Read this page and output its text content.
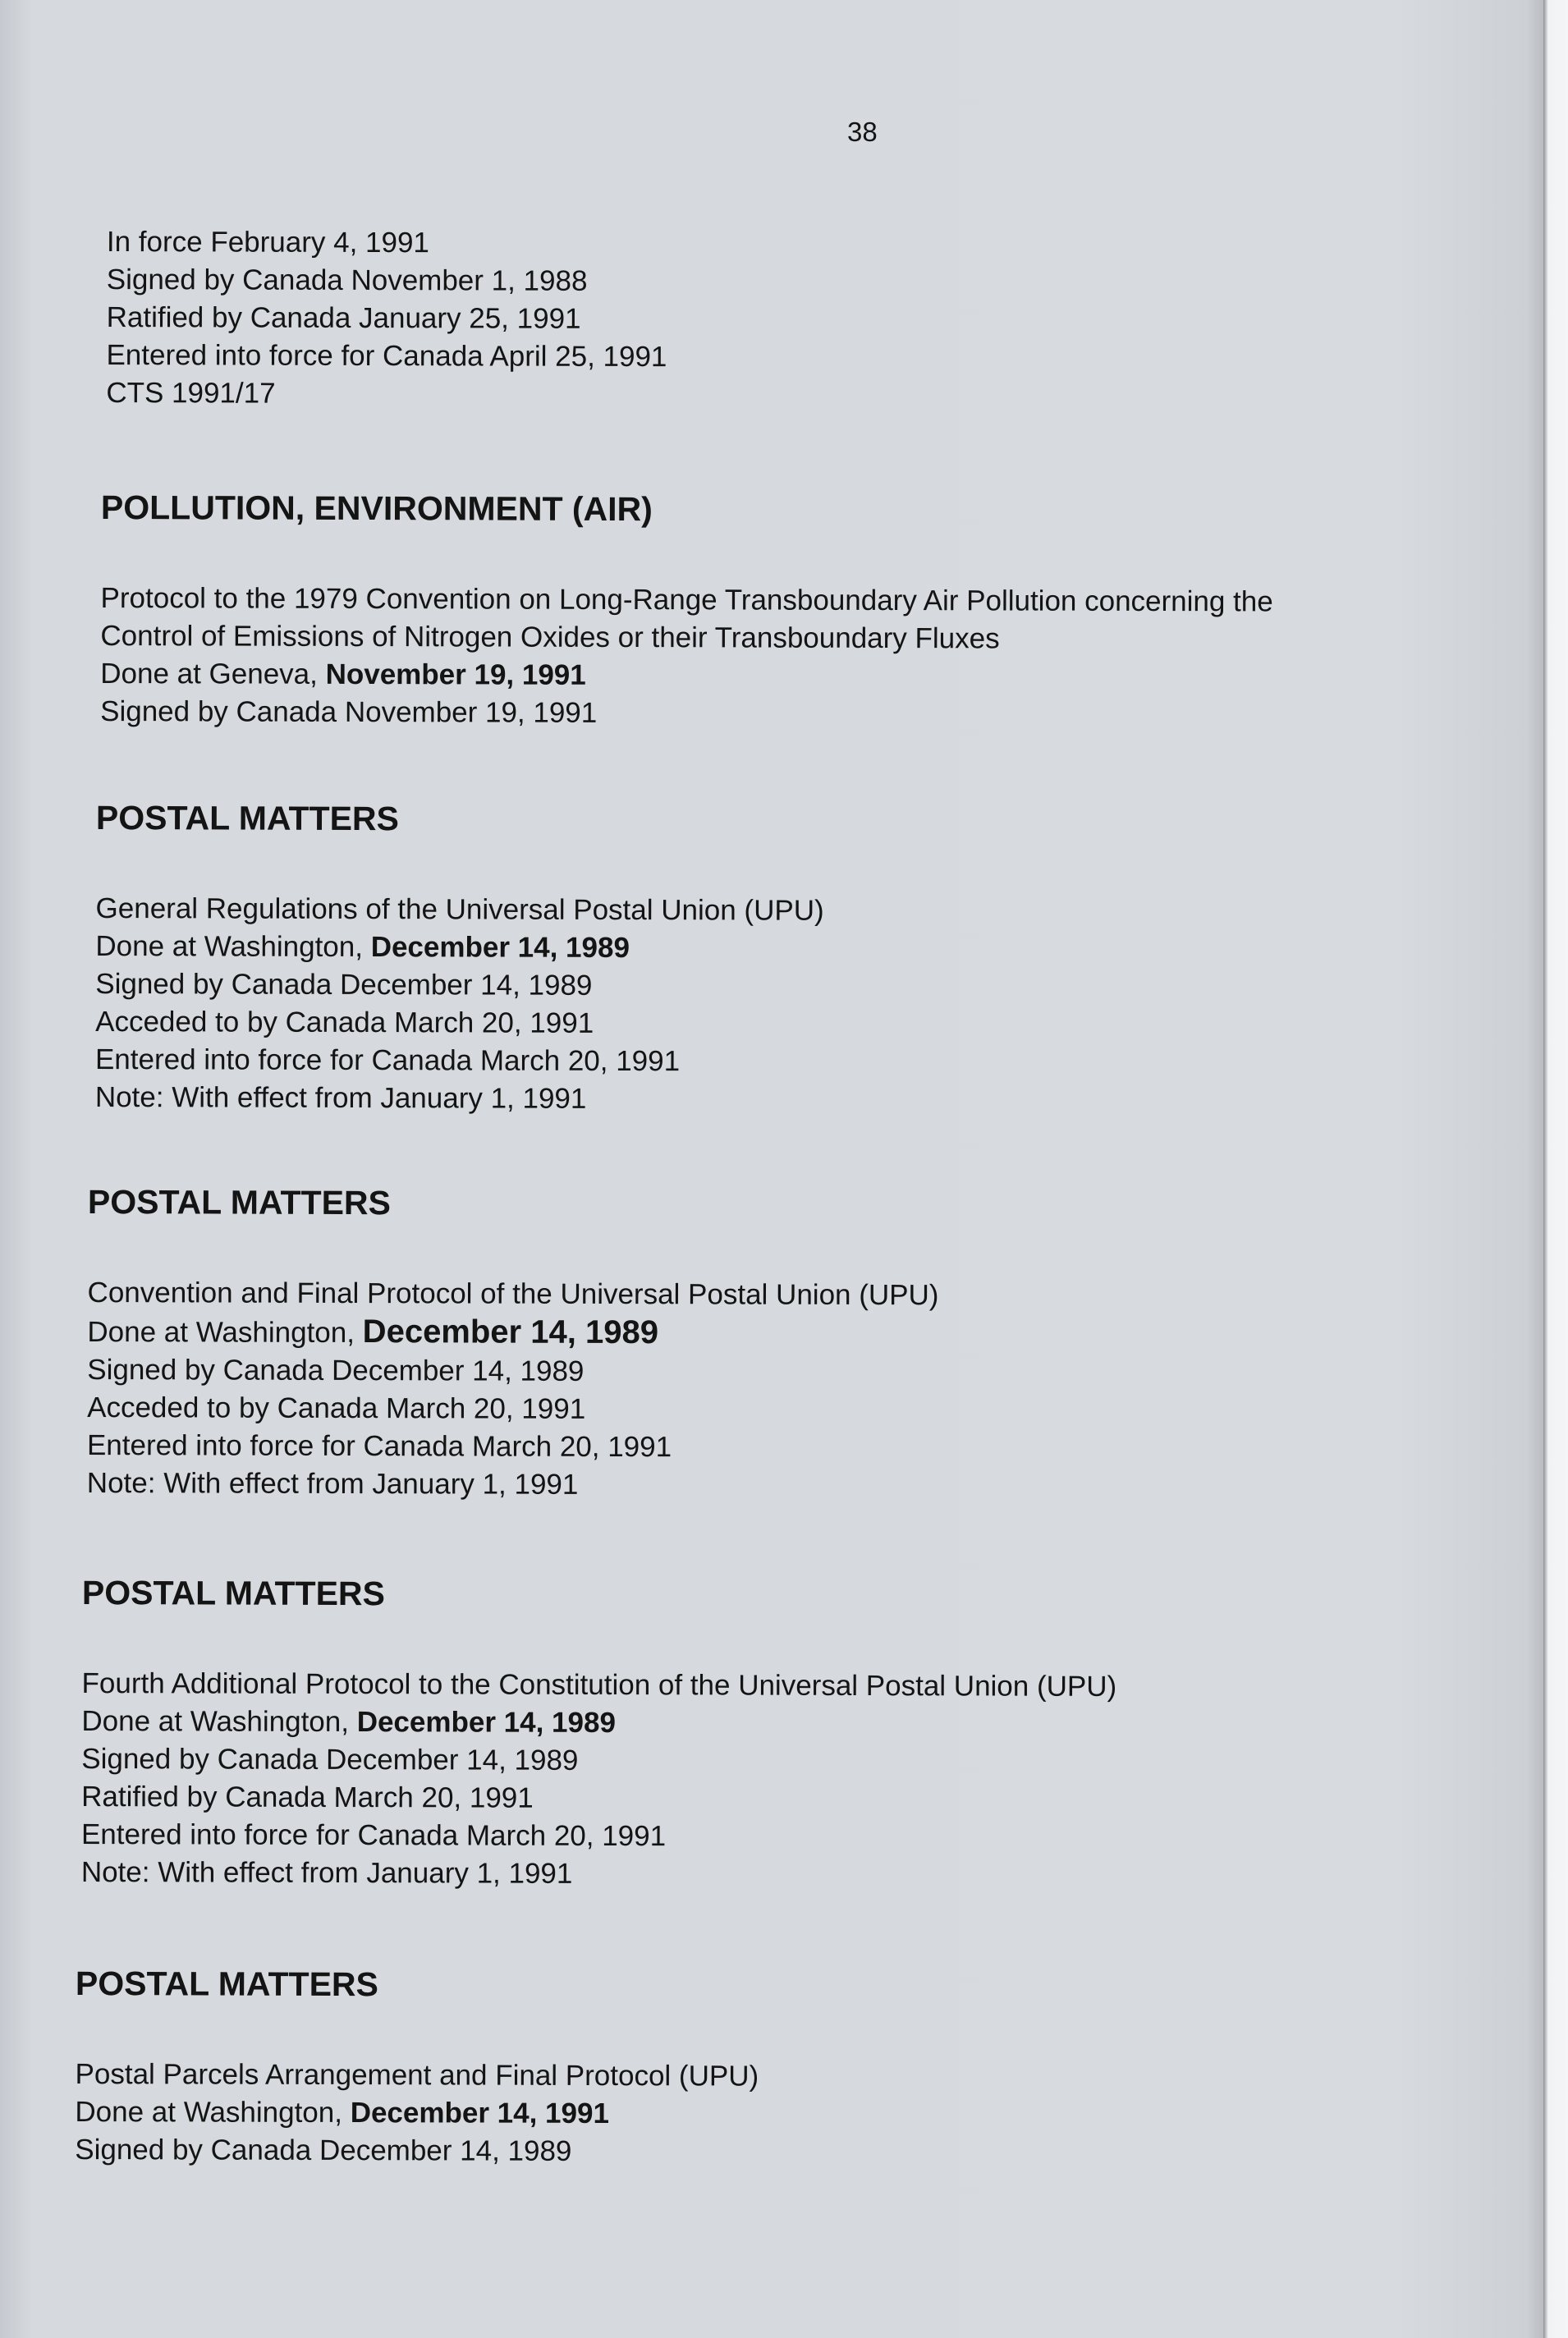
38
In force February 4, 1991
Signed by Canada November 1, 1988
Ratified by Canada January 25, 1991
Entered into force for Canada April 25, 1991
CTS 1991/17
POLLUTION, ENVIRONMENT (AIR)
Protocol to the 1979 Convention on Long-Range Transboundary Air Pollution concerning the
Control of Emissions of Nitrogen Oxides or their Transboundary Fluxes
Done at Geneva, November 19, 1991
Signed by Canada November 19, 1991
POSTAL MATTERS
General Regulations of the Universal Postal Union (UPU)
Done at Washington, December 14, 1989
Signed by Canada December 14, 1989
Acceded to by Canada March 20, 1991
Entered into force for Canada March 20, 1991
Note: With effect from January 1, 1991
POSTAL MATTERS
Convention and Final Protocol of the Universal Postal Union (UPU)
Done at Washington, December 14, 1989
Signed by Canada December 14, 1989
Acceded to by Canada March 20, 1991
Entered into force for Canada March 20, 1991
Note: With effect from January 1, 1991
POSTAL MATTERS
Fourth Additional Protocol to the Constitution of the Universal Postal Union (UPU)
Done at Washington, December 14, 1989
Signed by Canada December 14, 1989
Ratified by Canada March 20, 1991
Entered into force for Canada March 20, 1991
Note: With effect from January 1, 1991
POSTAL MATTERS
Postal Parcels Arrangement and Final Protocol (UPU)
Done at Washington, December 14, 1991
Signed by Canada December 14, 1989
